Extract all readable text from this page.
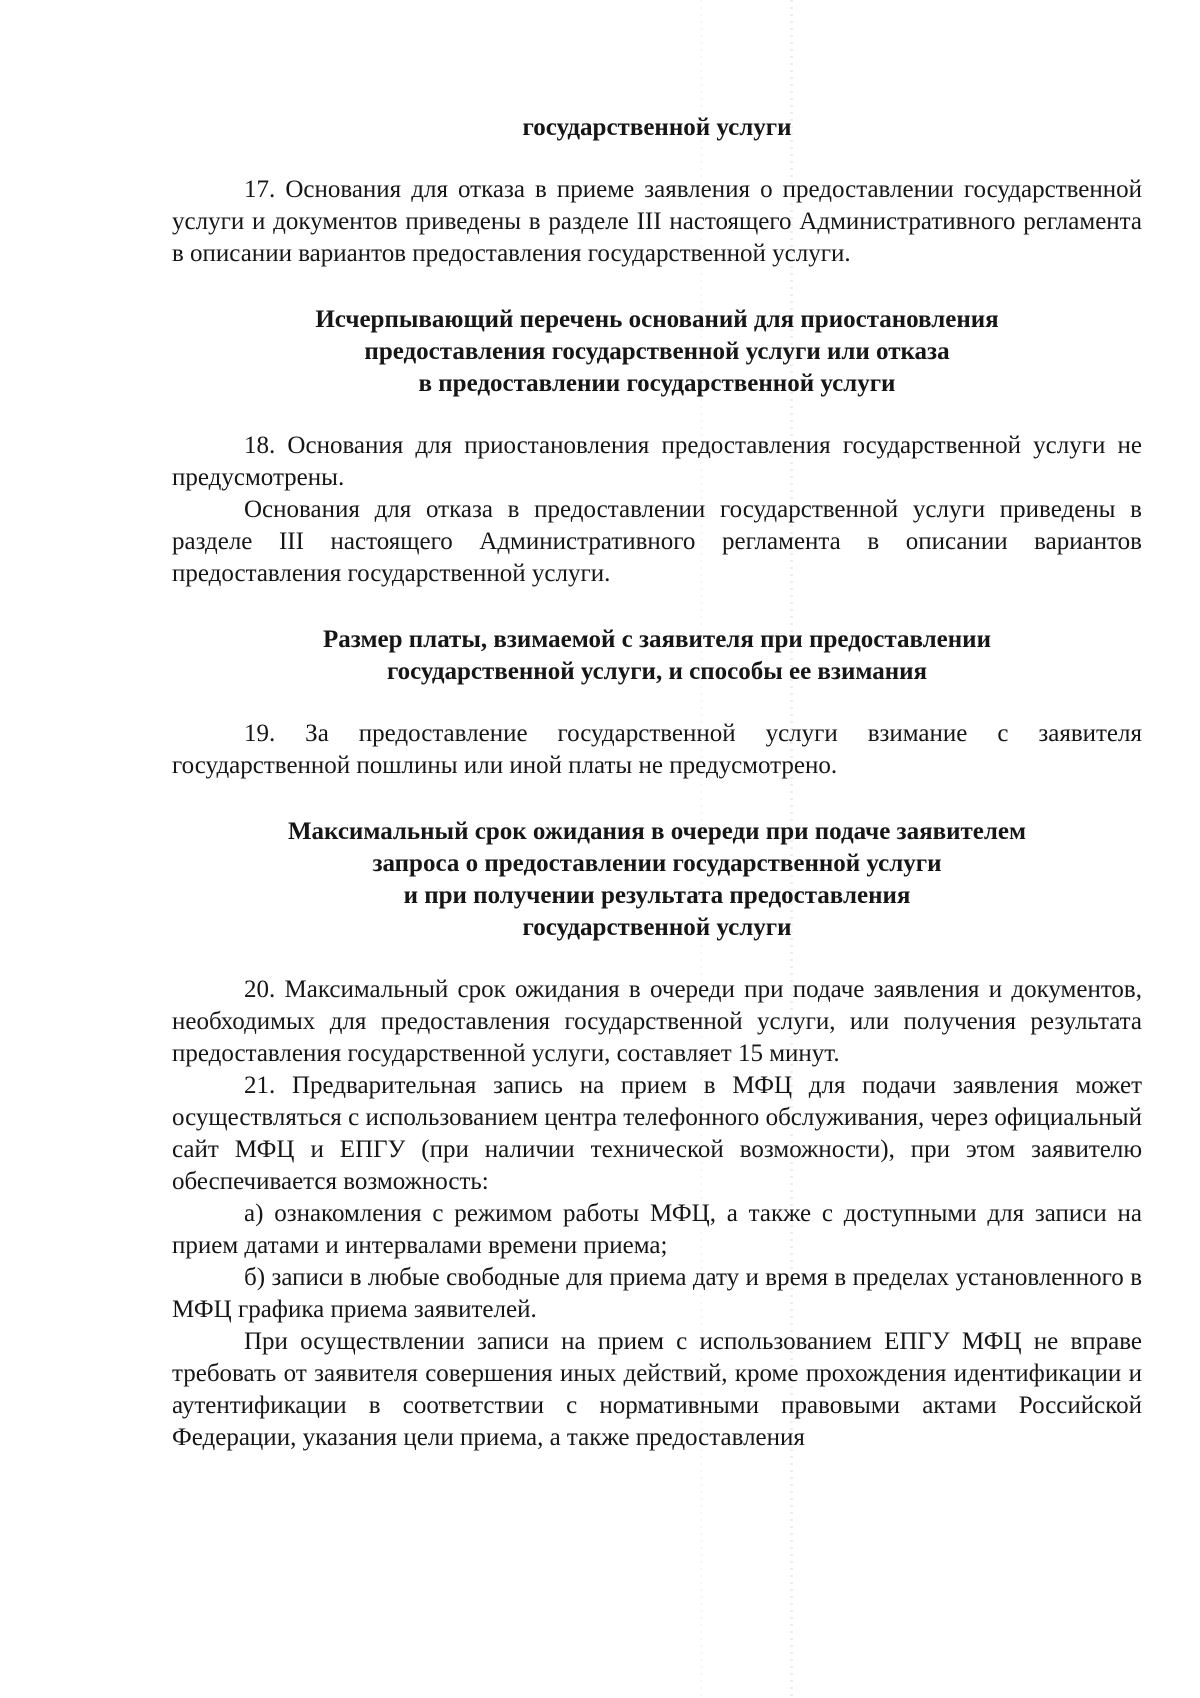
государственной услуги

17. Основания для отказа в приеме заявления о предоставлении государственной услуги и документов приведены в разделе III настоящего Административного регламента в описании вариантов предоставления государственной услуги.

Исчерпывающий перечень оснований для приостановления
предоставления государственной услуги или отказа
в предоставлении государственной услуги

18. Основания для приостановления предоставления государственной услуги не предусмотрены.

Основания для отказа в предоставлении государственной услуги приведены в разделе III настоящего Административного регламента в описании вариантов предоставления государственной услуги.

Размер платы, взимаемой с заявителя при предоставлении
государственной услуги, и способы ее взимания

19. За предоставление государственной услуги взимание с заявителя государственной пошлины или иной платы не предусмотрено.

Максимальный срок ожидания в очереди при подаче заявителем
запроса о предоставлении государственной услуги
и при получении результата предоставления
государственной услуги

20. Максимальный срок ожидания в очереди при подаче заявления и документов, необходимых для предоставления государственной услуги, или получения результата предоставления государственной услуги, составляет 15 минут.

21. Предварительная запись на прием в МФЦ для подачи заявления может осуществляться с использованием центра телефонного обслуживания, через официальный сайт МФЦ и ЕПГУ (при наличии технической возможности), при этом заявителю обеспечивается возможность:

а) ознакомления с режимом работы МФЦ, а также с доступными для записи на прием датами и интервалами времени приема;

б) записи в любые свободные для приема дату и время в пределах установленного в МФЦ графика приема заявителей.

При осуществлении записи на прием с использованием ЕПГУ МФЦ не вправе требовать от заявителя совершения иных действий, кроме прохождения идентификации и аутентификации в соответствии с нормативными правовыми актами Российской Федерации, указания цели приема, а также предоставления
